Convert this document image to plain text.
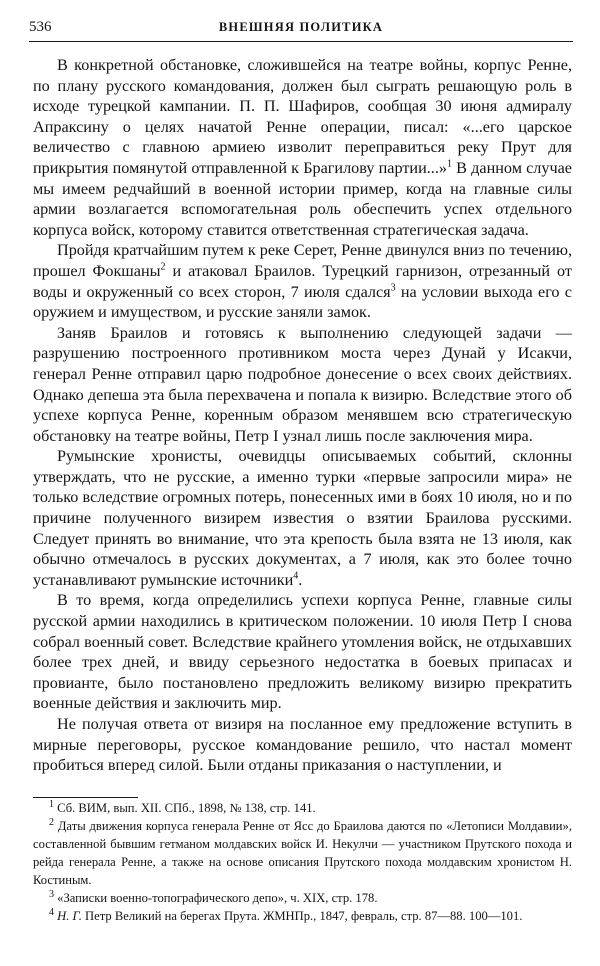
536	ВНЕШНЯЯ ПОЛИТИКА

В конкретной обстановке, сложившейся на театре войны, корпус Ренне, по плану русского командования, должен был сыграть решающую роль в исходе турецкой кампании. П. П. Шафиров, сообщая 30 июня адмиралу Апраксину о целях начатой Ренне операции, писал: «...его царское величество с главною армиею изволит переправиться реку Прут для прикрытия помянутой отправленной к Брагилову партии...»$^1$ В данном случае мы имеем редчайший в военной истории пример, когда на главные силы армии возлагается вспомогательная роль обеспечить успех отдельного корпуса войск, которому ставится ответственная стратегическая задача.

Пройдя кратчайшим путем к реке Серет, Ренне двинулся вниз по течению, прошел Фокшаны$^2$ и атаковал Браилов. Турецкий гарнизон, отрезанный от воды и окруженный со всех сторон, 7 июля сдался$^3$ на условии выхода его с оружием и имуществом, и русские заняли замок.

Заняв Браилов и готовясь к выполнению следующей задачи — разрушению построенного противником моста через Дунай у Исакчи, генерал Ренне отправил царю подробное донесение о всех своих действиях. Однако депеша эта была перехвачена и попала к визирю. Вследствие этого об успехе корпуса Ренне, коренным образом менявшем всю стратегическую обстановку на театре войны, Петр I узнал лишь после заключения мира.

Румынские хронисты, очевидцы описываемых событий, склонны утверждать, что не русские, а именно турки «первые запросили мира» не только вследствие огромных потерь, понесенных ими в боях 10 июля, но и по причине полученного визирем известия о взятии Браилова русскими. Следует принять во внимание, что эта крепость была взята не 13 июля, как обычно отмечалось в русских документах, а 7 июля, как это более точно устанавливают румынские источники$^4$.

В то время, когда определились успехи корпуса Ренне, главные силы русской армии находились в критическом положении. 10 июля Петр I снова собрал военный совет. Вследствие крайнего утомления войск, не отдыхавших более трех дней, и ввиду серьезного недостатка в боевых припасах и провианте, было постановлено предложить великому визирю прекратить военные действия и заключить мир.

Не получая ответа от визиря на посланное ему предложение вступить в мирные переговоры, русское командование решило, что настал момент пробиться вперед силой. Были отданы приказания о наступлении, и

$^1$ Сб. ВИМ, вып. XII. СПб., 1898, № 138, стр. 141.

$^2$ Даты движения корпуса генерала Ренне от Ясс до Браилова даются по «Летописи Молдавии», составленной бывшим гетманом молдавских войск И. Некулчи — участником Прутского похода и рейда генерала Ренне, а также на основе описания Прутского похода молдавским хронистом Н. Костиным.

$^3$ «Записки военно-топографического депо», ч. XIX, стр. 178.

$^4$ Н. Г. Петр Великий на берегах Прута. ЖМНПр., 1847, февраль, стр. 87—88. 100—101.
